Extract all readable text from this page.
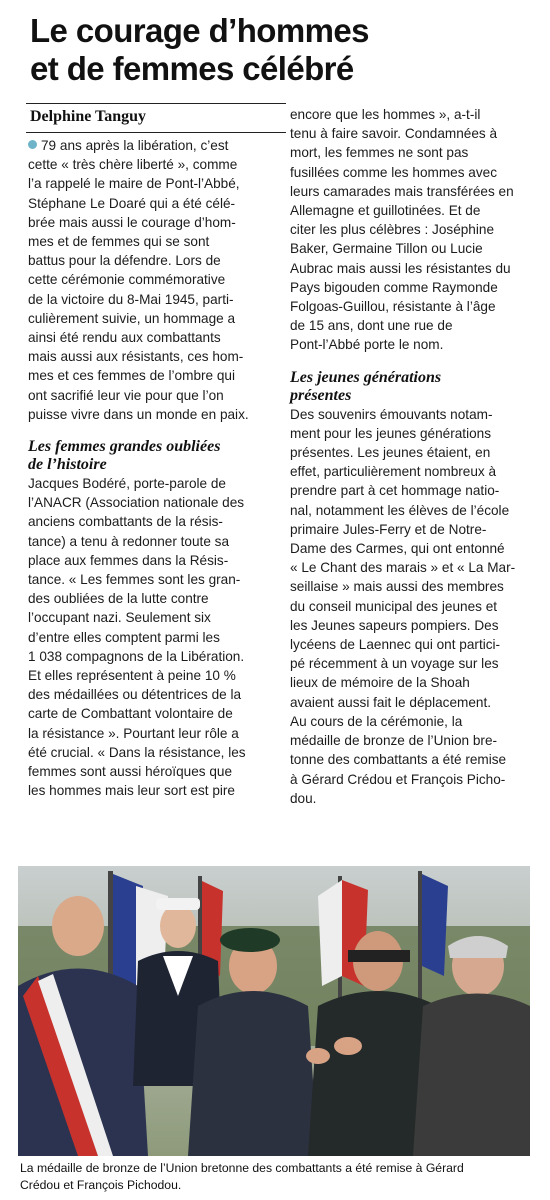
Le courage d’hommes
et de femmes célébré
Delphine Tanguy
79 ans après la libération, c’est
cette « très chère liberté », comme
l’a rappelé le maire de Pont-l’Abbé,
Stéphane Le Doaré qui a été célé-
brée mais aussi le courage d’hom-
mes et de femmes qui se sont
battus pour la défendre. Lors de
cette cérémonie commémorative
de la victoire du 8-Mai 1945, parti-
culièrement suivie, un hommage a
ainsi été rendu aux combattants
mais aussi aux résistants, ces hom-
mes et ces femmes de l’ombre qui
ont sacrifié leur vie pour que l’on
puisse vivre dans un monde en paix.
Les femmes grandes oubliées
de l’histoire
Jacques Bodéré, porte-parole de
l’ANACR (Association nationale des
anciens combattants de la résis-
tance) a tenu à redonner toute sa
place aux femmes dans la Résis-
tance. « Les femmes sont les gran-
des oubliées de la lutte contre
l’occupant nazi. Seulement six
d’entre elles comptent parmi les
1 038 compagnons de la Libération.
Et elles représentent à peine 10 %
des médaillées ou détentrices de la
carte de Combattant volontaire de
la résistance ». Pourtant leur rôle a
été crucial. « Dans la résistance, les
femmes sont aussi héroïques que
les hommes mais leur sort est pire
encore que les hommes », a-t-il
tenu à faire savoir. Condamnées à
mort, les femmes ne sont pas
fusillées comme les hommes avec
leurs camarades mais transférées en
Allemagne et guillotinées. Et de
citer les plus célèbres : Joséphine
Baker, Germaine Tillon ou Lucie
Aubrac mais aussi les résistantes du
Pays bigouden comme Raymonde
Folgoas-Guillou, résistante à l’âge
de 15 ans, dont une rue de
Pont-l’Abbé porte le nom.
Les jeunes générations
présentes
Des souvenirs émouvants notam-
ment pour les jeunes générations
présentes. Les jeunes étaient, en
effet, particulièrement nombreux à
prendre part à cet hommage natio-
nal, notamment les élèves de l’école
primaire Jules-Ferry et de Notre-
Dame des Carmes, qui ont entonné
« Le Chant des marais » et « La Mar-
seillaise » mais aussi des membres
du conseil municipal des jeunes et
les Jeunes sapeurs pompiers. Des
lycéens de Laennec qui ont partici-
pé récemment à un voyage sur les
lieux de mémoire de la Shoah
avaient aussi fait le déplacement.
Au cours de la cérémonie, la
médaille de bronze de l’Union bre-
tonne des combattants a été remise
à Gérard Crédou et François Picho-
dou.
La médaille de bronze de l’Union bretonne des combattants a été remise à Gérard
Crédou et François Pichodou.
